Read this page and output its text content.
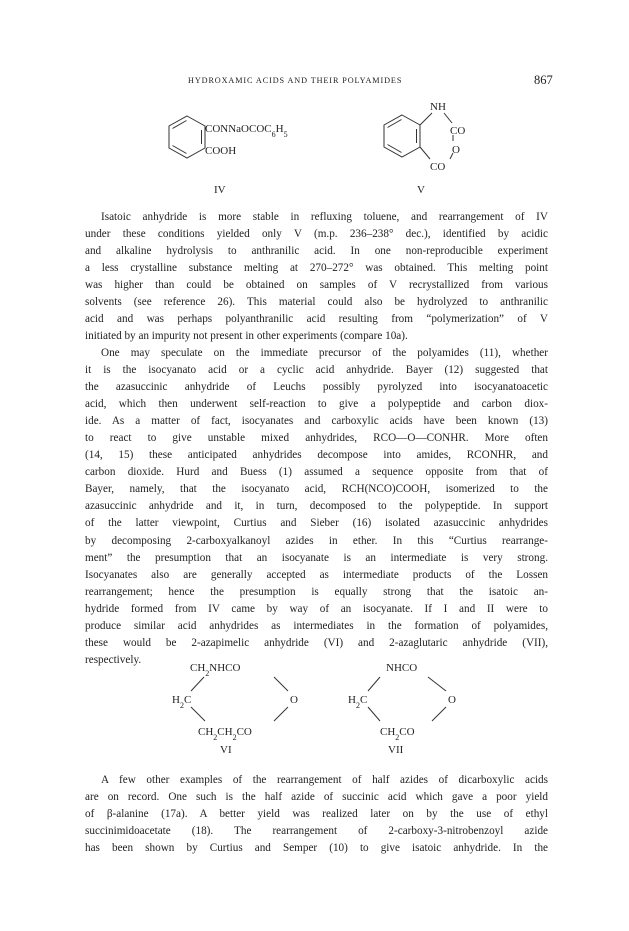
HYDROXAMIC ACIDS AND THEIR POLYAMIDES	867
$CONNaOCOC_6H_5$
COOH
IV
NH
CO
O
CO
V

Isatoic anhydride is more stable in refluxing toluene, and rearrangement of IV
under these conditions yielded only V (m.p. 236–238° dec.), identified by acidic
and alkaline hydrolysis to anthranilic acid. In one non-reproducible experiment
a less crystalline substance melting at 270–272° was obtained. This melting point
was higher than could be obtained on samples of V recrystallized from various
solvents (see reference 26). This material could also be hydrolyzed to anthranilic
acid and was perhaps polyanthranilic acid resulting from “polymerization” of V
initiated by an impurity not present in other experiments (compare 10a).

One may speculate on the immediate precursor of the polyamides (11), whether
it is the isocyanato acid or a cyclic acid anhydride. Bayer (12) suggested that
the azasuccinic anhydride of Leuchs possibly pyrolyzed into isocyanatoacetic
acid, which then underwent self-reaction to give a polypeptide and carbon diox-
ide. As a matter of fact, isocyanates and carboxylic acids have been known (13)
to react to give unstable mixed anhydrides, RCO—O—CONHR. More often
(14, 15) these anticipated anhydrides decompose into amides, RCONHR, and
carbon dioxide. Hurd and Buess (1) assumed a sequence opposite from that of
Bayer, namely, that the isocyanato acid, RCH(NCO)COOH, isomerized to the
azasuccinic anhydride and it, in turn, decomposed to the polypeptide. In support
of the latter viewpoint, Curtius and Sieber (16) isolated azasuccinic anhydrides
by decomposing 2-carboxyalkanoyl azides in ether. In this “Curtius rearrange-
ment” the presumption that an isocyanate is an intermediate is very strong.
Isocyanates also are generally accepted as intermediate products of the Lossen
rearrangement; hence the presumption is equally strong that the isatoic an-
hydride formed from IV came by way of an isocyanate. If I and II were to
produce similar acid anhydrides as intermediates in the formation of polyamides,
these would be 2-azapimelic anhydride (VI) and 2-azaglutaric anhydride (VII),
respectively.

$CH_2NHCO$
$H_2C$	O
$CH_2CH_2CO$
VI
NHCO
$H_2C$	O
$CH_2CO$
VII

A few other examples of the rearrangement of half azides of dicarboxylic acids
are on record. One such is the half azide of succinic acid which gave a poor yield
of β-alanine (17a). A better yield was realized later on by the use of ethyl
succinimidoacetate (18). The rearrangement of 2-carboxy-3-nitrobenzoyl azide
has been shown by Curtius and Semper (10) to give isatoic anhydride. In the
